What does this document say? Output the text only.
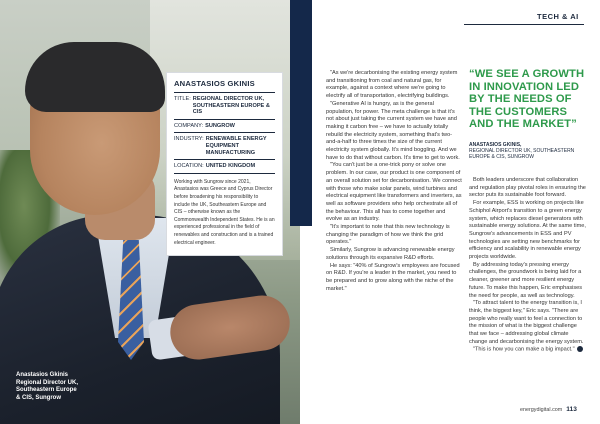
Anastasios Gkinis
Regional Director UK,
Southeastern Europe
& CIS, Sungrow
ANASTASIOS GKINIS
TITLE: REGIONAL DIRECTOR UK, SOUTHEASTERN EUROPE & CIS
COMPANY: SUNGROW
INDUSTRY: RENEWABLE ENERGY EQUIPMENT MANUFACTURING
LOCATION: UNITED KINGDOM
Working with Sungrow since 2021, Anastasios was Greece and Cyprus Director before broadening his responsibility to include the UK, Southeastern Europe and CIS – otherwise known as the Commonwealth Independent States. He is an experienced professional in the field of renewables and construction and is a trained electrical engineer.
TECH & AI

"As we're decarbonising the existing energy system and transitioning from coal and natural gas, for example, against a context where we're going to electrify all of transportation, electrifying buildings.

"Generative AI is hungry, as is the general population, for power. The meta challenge is that it's not about just taking the current system we have and making it carbon free – we have to actually totally rebuild the electricity system, something that's two-and-a-half to three times the size of the current electricity system globally. It's mind boggling. And we have to do that without carbon. It's time to get to work.

"You can't just be a one-trick pony or solve one problem. In our case, our product is one component of an overall solution set for decarbonisation. We connect with those who make solar panels, wind turbines and electrical equipment like transformers and inverters, as well as software providers who help orchestrate all of the behaviour. This all has to come together and evolve as an industry.

"It's important to note that this new technology is changing the paradigm of how we think the grid operates."

Similarly, Sungrow is advancing renewable energy solutions through its expansive R&D efforts.

He says: "40% of Sungrow's employees are focused on R&D. If you're a leader in the market, you need to be prepared and to grow along with the niche of the market."

“WE SEE A GROWTH IN INNOVATION LED BY THE NEEDS OF THE CUSTOMERS AND THE MARKET”
ANASTASIOS GKINIS,
REGIONAL DIRECTOR UK, SOUTHEASTERN EUROPE & CIS, SUNGROW

Both leaders underscore that collaboration and regulation play pivotal roles in ensuring the sector puts its sustainable foot forward.

For example, ESS is working on projects like Schiphol Airport's transition to a green energy system, which replaces diesel generators with sustainable energy solutions. At the same time, Sungrow's advancements in ESS and PV technologies are setting new benchmarks for efficiency and scalability in renewable energy projects worldwide.

By addressing today's pressing energy challenges, the groundwork is being laid for a cleaner, greener and more resilient energy future. To make this happen, Eric emphasises the need for people, as well as technology.

"To attract talent to the energy transition is, I think, the biggest key," Eric says. "There are people who really want to feel a connection to the mission of what is the biggest challenge that we face – addressing global climate change and decarbonising the energy system.

"This is how you can make a big impact."

energydigital.com 113
